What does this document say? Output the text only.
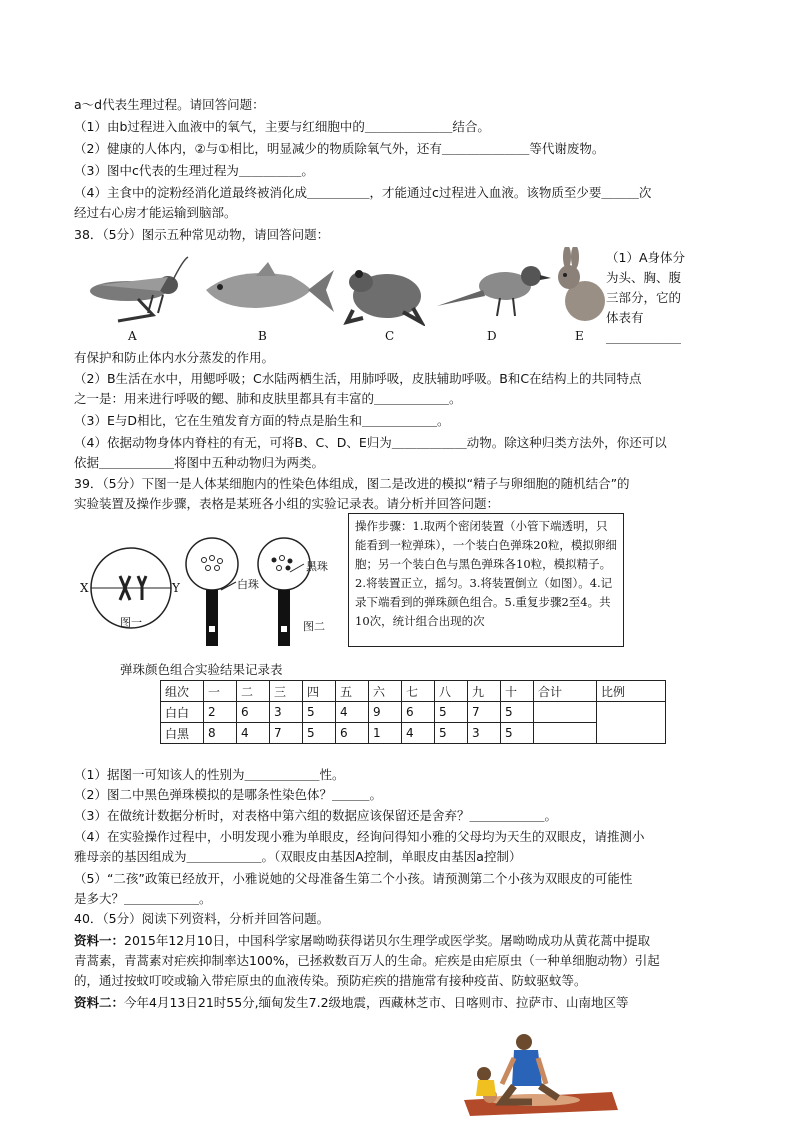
a～d代表生理过程。请回答问题：
（1）由b过程进入血液中的氧气，主要与红细胞中的＿＿＿＿＿＿＿结合。
（2）健康的人体内，②与①相比，明显减少的物质除氧气外，还有＿＿＿＿＿＿＿等代谢废物。
（3）图中c代表的生理过程为＿＿＿＿＿。
（4）主食中的淀粉经消化道最终被消化成＿＿＿＿＿，才能通过c过程进入血液。该物质至少要＿＿＿次
经过右心房才能运输到脑部。
38．（5分）图示五种常见动物，请回答问题：
A	B	C	D	E
（1）A身体分
为头、胸、腹
三部分，它的
体表有
＿＿＿＿＿＿
有保护和防止体内水分蒸发的作用。
（2）B生活在水中，用鳃呼吸；C水陆两栖生活，用肺呼吸，皮肤辅助呼吸。B和C在结构上的共同特点
之一是：用来进行呼吸的鳃、肺和皮肤里都具有丰富的＿＿＿＿＿＿。
（3）E与D相比，它在生殖发育方面的特点是胎生和＿＿＿＿＿＿。
（4）依据动物身体内脊柱的有无，可将B、C、D、E归为＿＿＿＿＿＿动物。除这种归类方法外，你还可以
依据＿＿＿＿＿＿将图中五种动物归为两类。
39．（5分）下图一是人体某细胞内的性染色体组成，图二是改进的模拟“精子与卵细胞的随机结合”的
实验装置及操作步骤，表格是某班各小组的实验记录表。请分析并回答问题：
X	Y
图一
白珠
黑珠
图二
操作步骤：1.取两个密闭装置（小管下端透明，只能看到一粒弹珠），一个装白色弹珠20粒，模拟卵细胞；另一个装白色与黑色弹珠各10粒，模拟精子。2.将装置正立，摇匀。3.将装置倒立（如图）。4.记录下端看到的弹珠颜色组合。5.重复步骤2至4。共10次，统计组合出现的次
弹珠颜色组合实验结果记录表
组次	一	二	三	四	五	六	七	八	九	十	合计	比例
白白	2	6	3	5	4	9	6	5	7	5		
白黑	8	4	7	5	6	1	4	5	3	5		
（1）据图一可知该人的性别为＿＿＿＿＿＿性。
（2）图二中黑色弹珠模拟的是哪条性染色体？＿＿＿。
（3）在做统计数据分析时，对表格中第六组的数据应该保留还是舍弃？＿＿＿＿＿＿。
（4）在实验操作过程中，小明发现小雅为单眼皮，经询问得知小雅的父母均为天生的双眼皮，请推测小
雅母亲的基因组成为＿＿＿＿＿＿。（双眼皮由基因A控制，单眼皮由基因a控制）
（5）“二孩”政策已经放开，小雅说她的父母准备生第二个小孩。请预测第二个小孩为双眼皮的可能性
是多大？＿＿＿＿＿＿。
40．（5分）阅读下列资料，分析并回答问题。
资料一：2015年12月10日，中国科学家屠呦呦获得诺贝尔生理学或医学奖。屠呦呦成功从黄花蒿中提取
青蒿素，青蒿素对疟疾抑制率达100%，已拯救数百万人的生命。疟疾是由疟原虫（一种单细胞动物）引起
的，通过按蚊叮咬或输入带疟原虫的血液传染。预防疟疾的措施常有接种疫苗、防蚊驱蚊等。
资料二：今年4月13日21时55分,缅甸发生7.2级地震，西藏林芝市、日喀则市、拉萨市、山南地区等
